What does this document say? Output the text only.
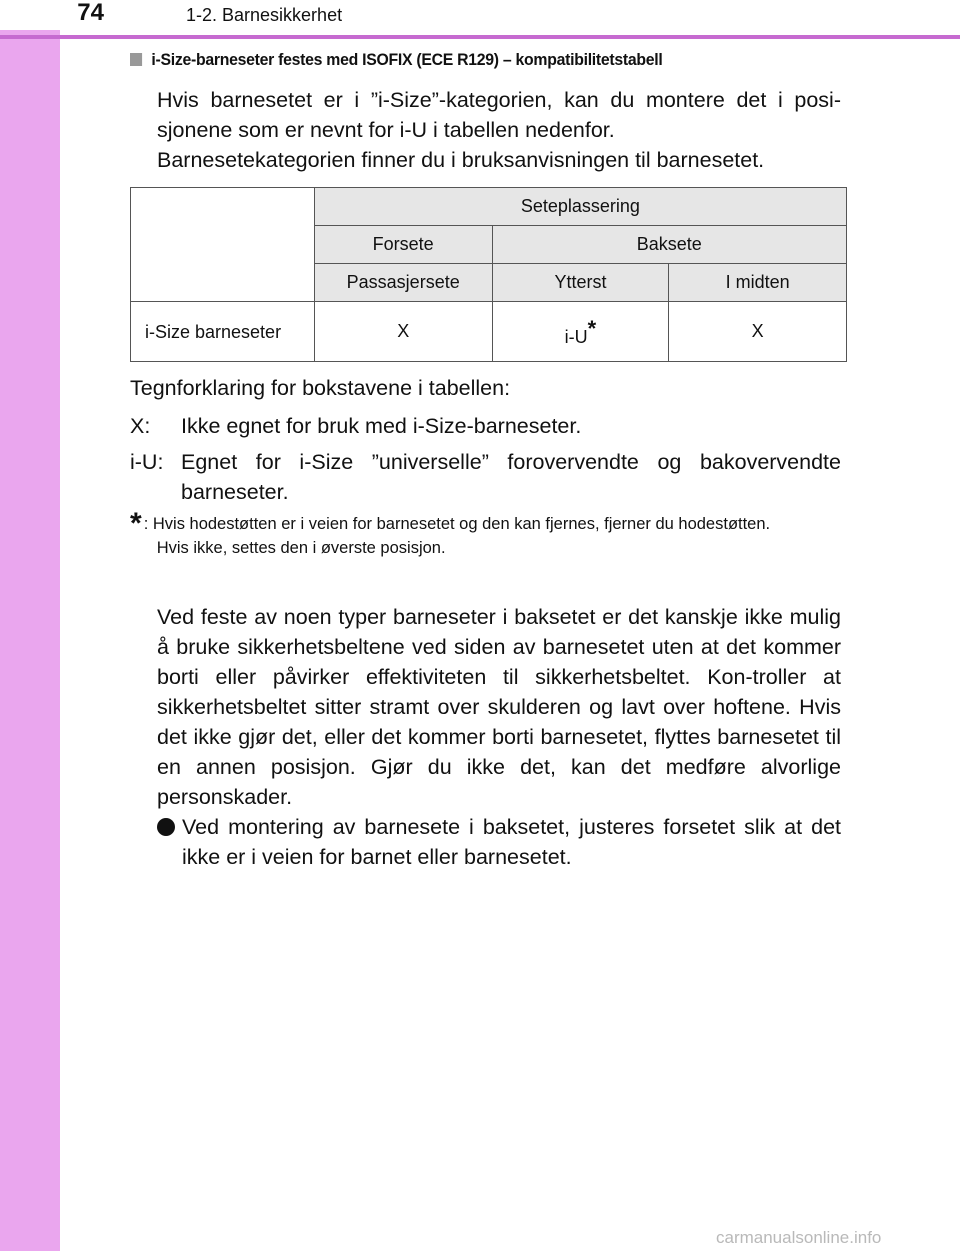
74	1-2. Barnesikkerhet
i-Size-barneseter festes med ISOFIX (ECE R129) – kompatibilitetstabell

Hvis barnesetet er i ”i-Size”-kategorien, kan du montere det i posi-sjonene som er nevnt for i-U i tabellen nedenfor.

Barnesetekategorien finner du i bruksanvisningen til barnesetet.

	Seteplassering		
	Forsete	Baksete	
	Passasjersete	Ytterst	I midten
i-Size barneseter	X	i-U*	X
Tegnforklaring for bokstavene i tabellen:
X:	Ikke egnet for bruk med i-Size-barneseter.
i-U: Egnet for i-Size ”universelle” forovervendte og bakovervendte barneseter.
* : Hvis hodestøtten er i veien for barnesetet og den kan fjernes, fjerner du hodestøtten.
Hvis ikke, settes den i øverste posisjon.
Ved feste av noen typer barneseter i baksetet er det kanskje ikke mulig å bruke sikkerhetsbeltene ved siden av barnesetet uten at det kommer borti eller påvirker effektiviteten til sikkerhetsbeltet. Kon-troller at sikkerhetsbeltet sitter stramt over skulderen og lavt over hoftene. Hvis det ikke gjør det, eller det kommer borti barnesetet, flyttes barnesetet til en annen posisjon. Gjør du ikke det, kan det medføre alvorlige personskader.
Ved montering av barnesete i baksetet, justeres forsetet slik at det ikke er i veien for barnet eller barnesetet.
carmanualsonline.info
